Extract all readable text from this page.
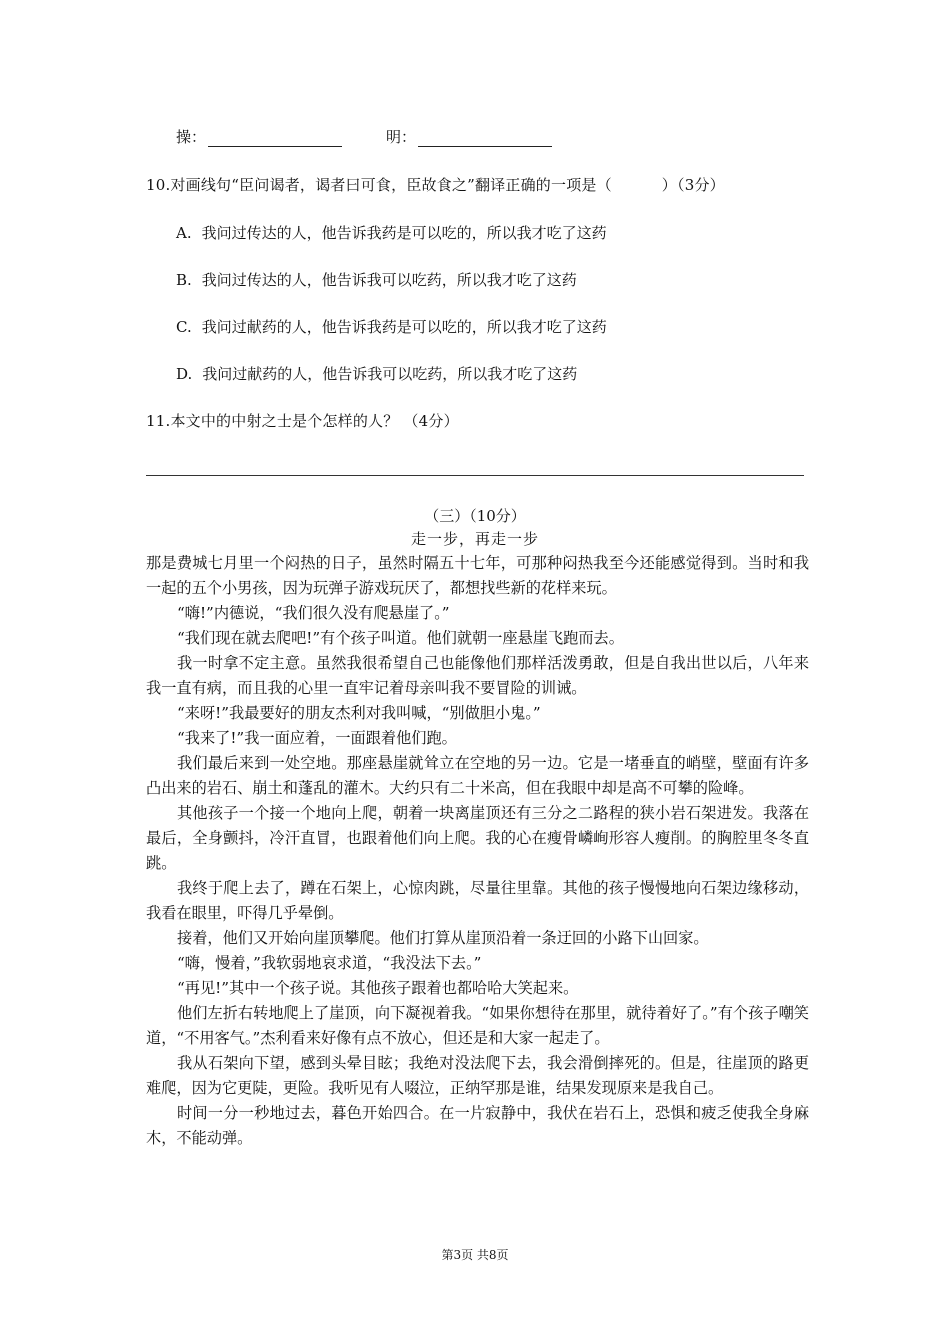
操：	明：
10.对画线句“臣问谒者，谒者曰可食，臣故食之”翻译正确的一项是（	）（3分）
A. 我问过传达的人，他告诉我药是可以吃的，所以我才吃了这药
B. 我问过传达的人，他告诉我可以吃药，所以我才吃了这药
C. 我问过献药的人，他告诉我药是可以吃的，所以我才吃了这药
D. 我问过献药的人，他告诉我可以吃药，所以我才吃了这药
11.本文中的中射之士是个怎样的人？ （4分）
（三）（10分）
走一步，再走一步

那是费城七月里一个闷热的日子，虽然时隔五十七年，可那种闷热我至今还能感觉得到。当时和我一起的五个小男孩，因为玩弹子游戏玩厌了，都想找些新的花样来玩。

“嗨!”内德说，“我们很久没有爬悬崖了。”

“我们现在就去爬吧!”有个孩子叫道。他们就朝一座悬崖飞跑而去。

我一时拿不定主意。虽然我很希望自己也能像他们那样活泼勇敢，但是自我出世以后，八年来我一直有病，而且我的心里一直牢记着母亲叫我不要冒险的训诫。

“来呀!”我最要好的朋友杰利对我叫喊，“别做胆小鬼。”

“我来了!”我一面应着，一面跟着他们跑。

我们最后来到一处空地。那座悬崖就耸立在空地的另一边。它是一堵垂直的峭壁，壁面有许多凸出来的岩石、崩土和蓬乱的灌木。大约只有二十米高，但在我眼中却是高不可攀的险峰。

其他孩子一个接一个地向上爬，朝着一块离崖顶还有三分之二路程的狭小岩石架进发。我落在最后，全身颤抖，冷汗直冒，也跟着他们向上爬。我的心在瘦骨嶙峋形容人瘦削。的胸腔里冬冬直跳。

我终于爬上去了，蹲在石架上，心惊肉跳，尽量往里靠。其他的孩子慢慢地向石架边缘移动，我看在眼里，吓得几乎晕倒。

接着，他们又开始向崖顶攀爬。他们打算从崖顶沿着一条迂回的小路下山回家。

“嗨，慢着，”我软弱地哀求道，“我没法下去。”

“再见!”其中一个孩子说。其他孩子跟着也都哈哈大笑起来。

他们左折右转地爬上了崖顶，向下凝视着我。“如果你想待在那里，就待着好了。”有个孩子嘲笑道，“不用客气。”杰利看来好像有点不放心，但还是和大家一起走了。

我从石架向下望，感到头晕目眩；我绝对没法爬下去，我会滑倒摔死的。但是，往崖顶的路更难爬，因为它更陡，更险。我听见有人啜泣，正纳罕那是谁，结果发现原来是我自己。

时间一分一秒地过去，暮色开始四合。在一片寂静中，我伏在岩石上，恐惧和疲乏使我全身麻木，不能动弹。

第3页 共8页
